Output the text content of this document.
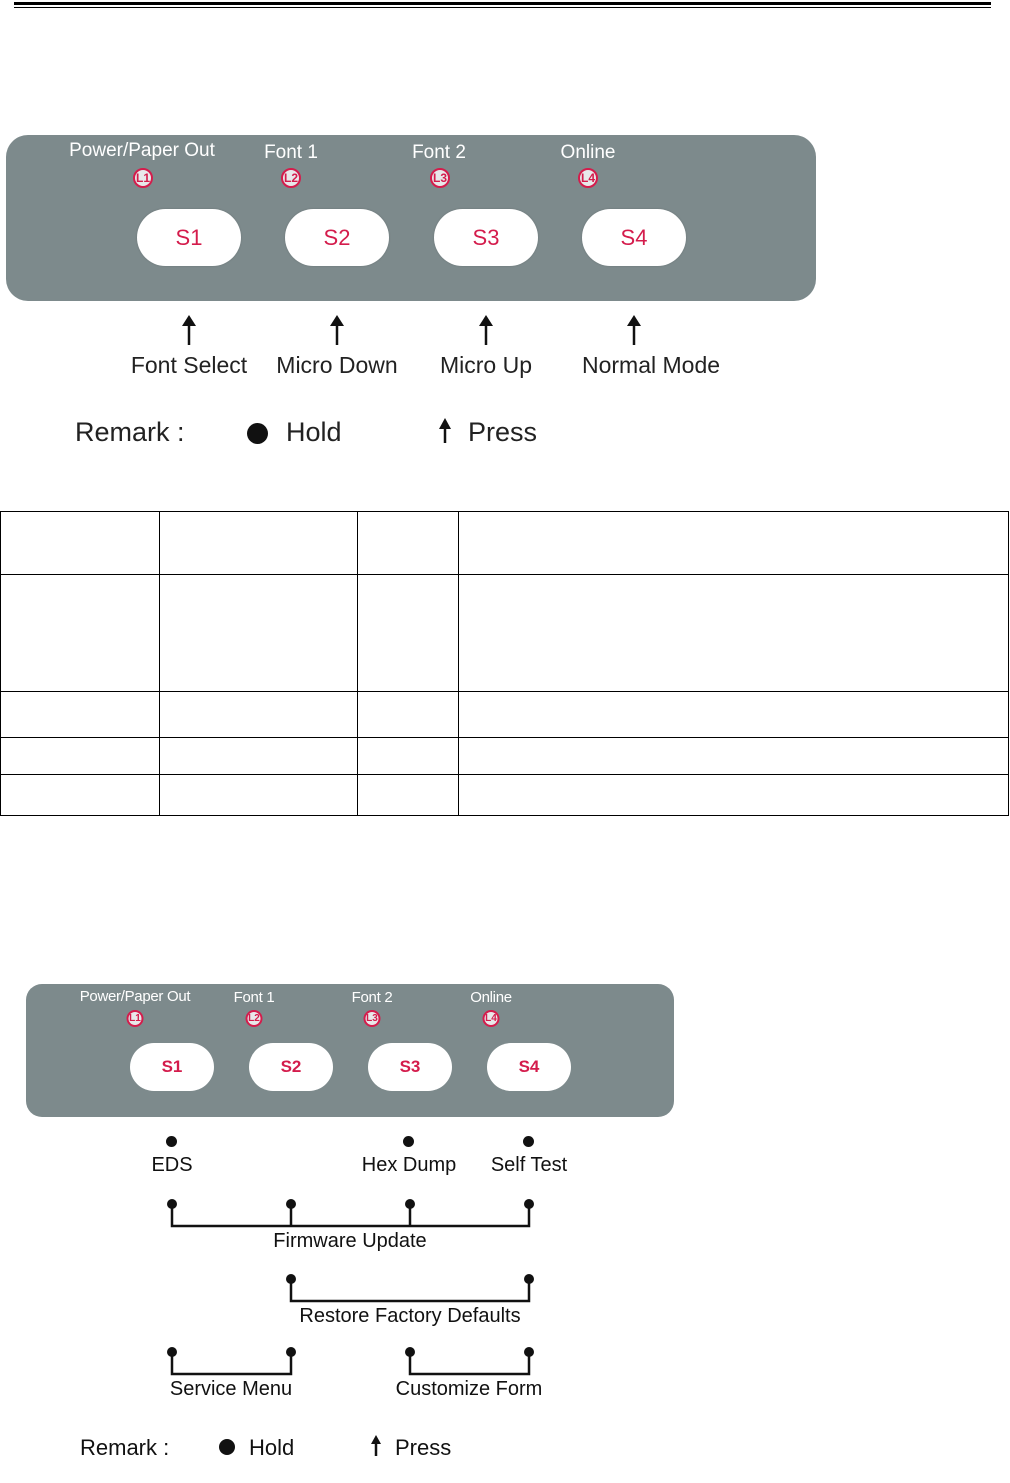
Power/Paper Out	Font 1	Font 2	Online
L1	L2	L3	L4
S1	S2	S3	S4
Font Select Micro Down Micro Up Normal Mode
Remark :	Hold	Press

Power/Paper Out	Font 1	Font 2	Online
L1	L2	L3	L4
S1	S2	S3	S4
EDS	Hex Dump Self Test
Firmware Update
Restore Factory Defaults
Service Menu	Customize Form
Remark :	Hold	Press
